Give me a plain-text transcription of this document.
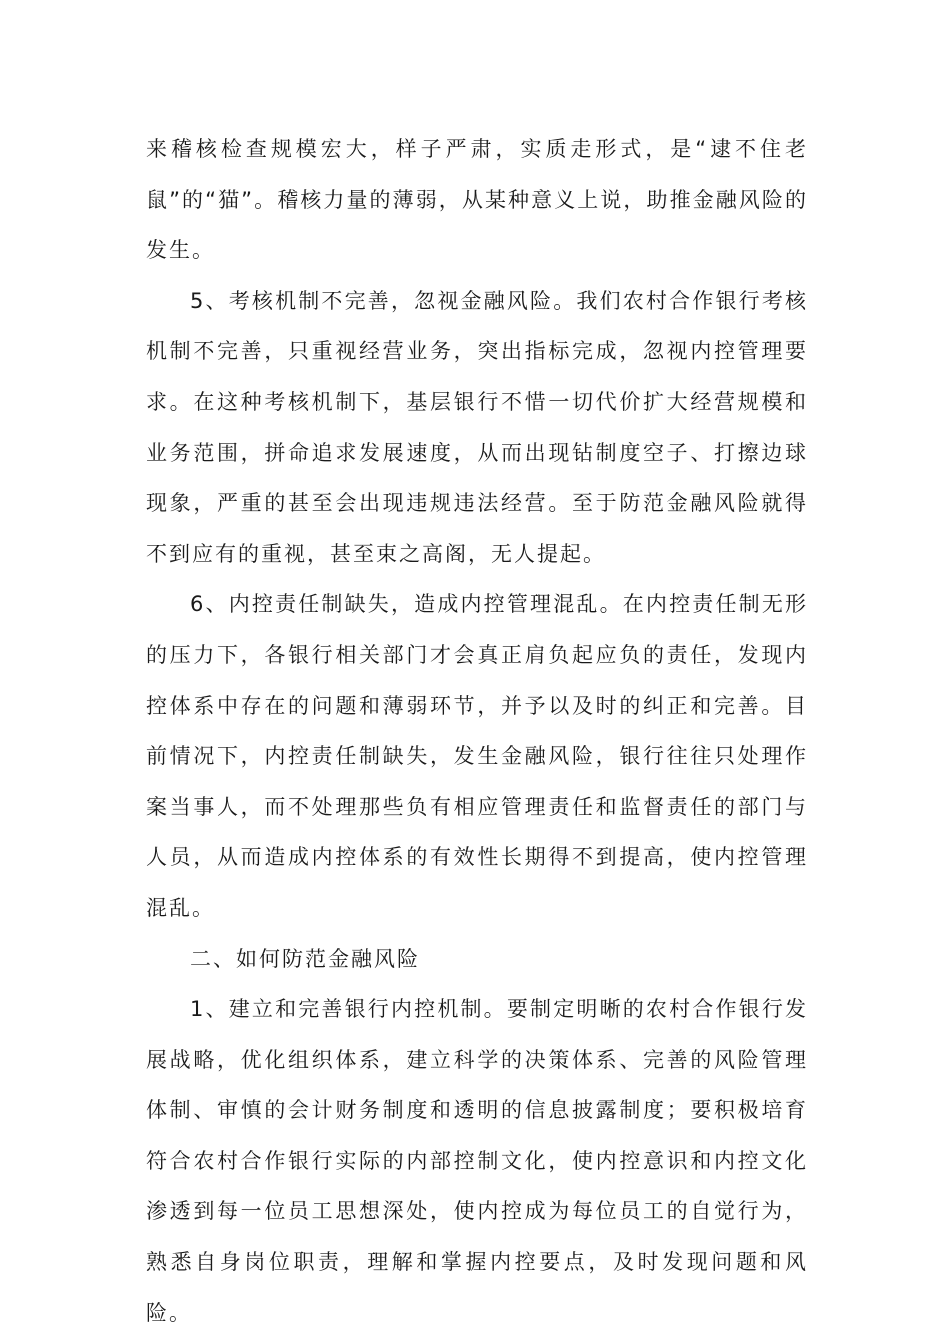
来稽核检查规模宏大，样子严肃，实质走形式，是“逮不住老鼠”的“猫”。稽核力量的薄弱，从某种意义上说，助推金融风险的发生。

5、考核机制不完善，忽视金融风险。我们农村合作银行考核机制不完善，只重视经营业务，突出指标完成，忽视内控管理要求。在这种考核机制下，基层银行不惜一切代价扩大经营规模和业务范围，拼命追求发展速度，从而出现钻制度空子、打擦边球现象，严重的甚至会出现违规违法经营。至于防范金融风险就得不到应有的重视，甚至束之高阁，无人提起。

6、内控责任制缺失，造成内控管理混乱。在内控责任制无形的压力下，各银行相关部门才会真正肩负起应负的责任，发现内控体系中存在的问题和薄弱环节，并予以及时的纠正和完善。目前情况下，内控责任制缺失，发生金融风险，银行往往只处理作案当事人，而不处理那些负有相应管理责任和监督责任的部门与人员，从而造成内控体系的有效性长期得不到提高，使内控管理混乱。

二、如何防范金融风险

1、建立和完善银行内控机制。要制定明晰的农村合作银行发展战略，优化组织体系，建立科学的决策体系、完善的风险管理体制、审慎的会计财务制度和透明的信息披露制度；要积极培育符合农村合作银行实际的内部控制文化，使内控意识和内控文化渗透到每一位员工思想深处，使内控成为每位员工的自觉行为，熟悉自身岗位职责，理解和掌握内控要点，及时发现问题和风险。
